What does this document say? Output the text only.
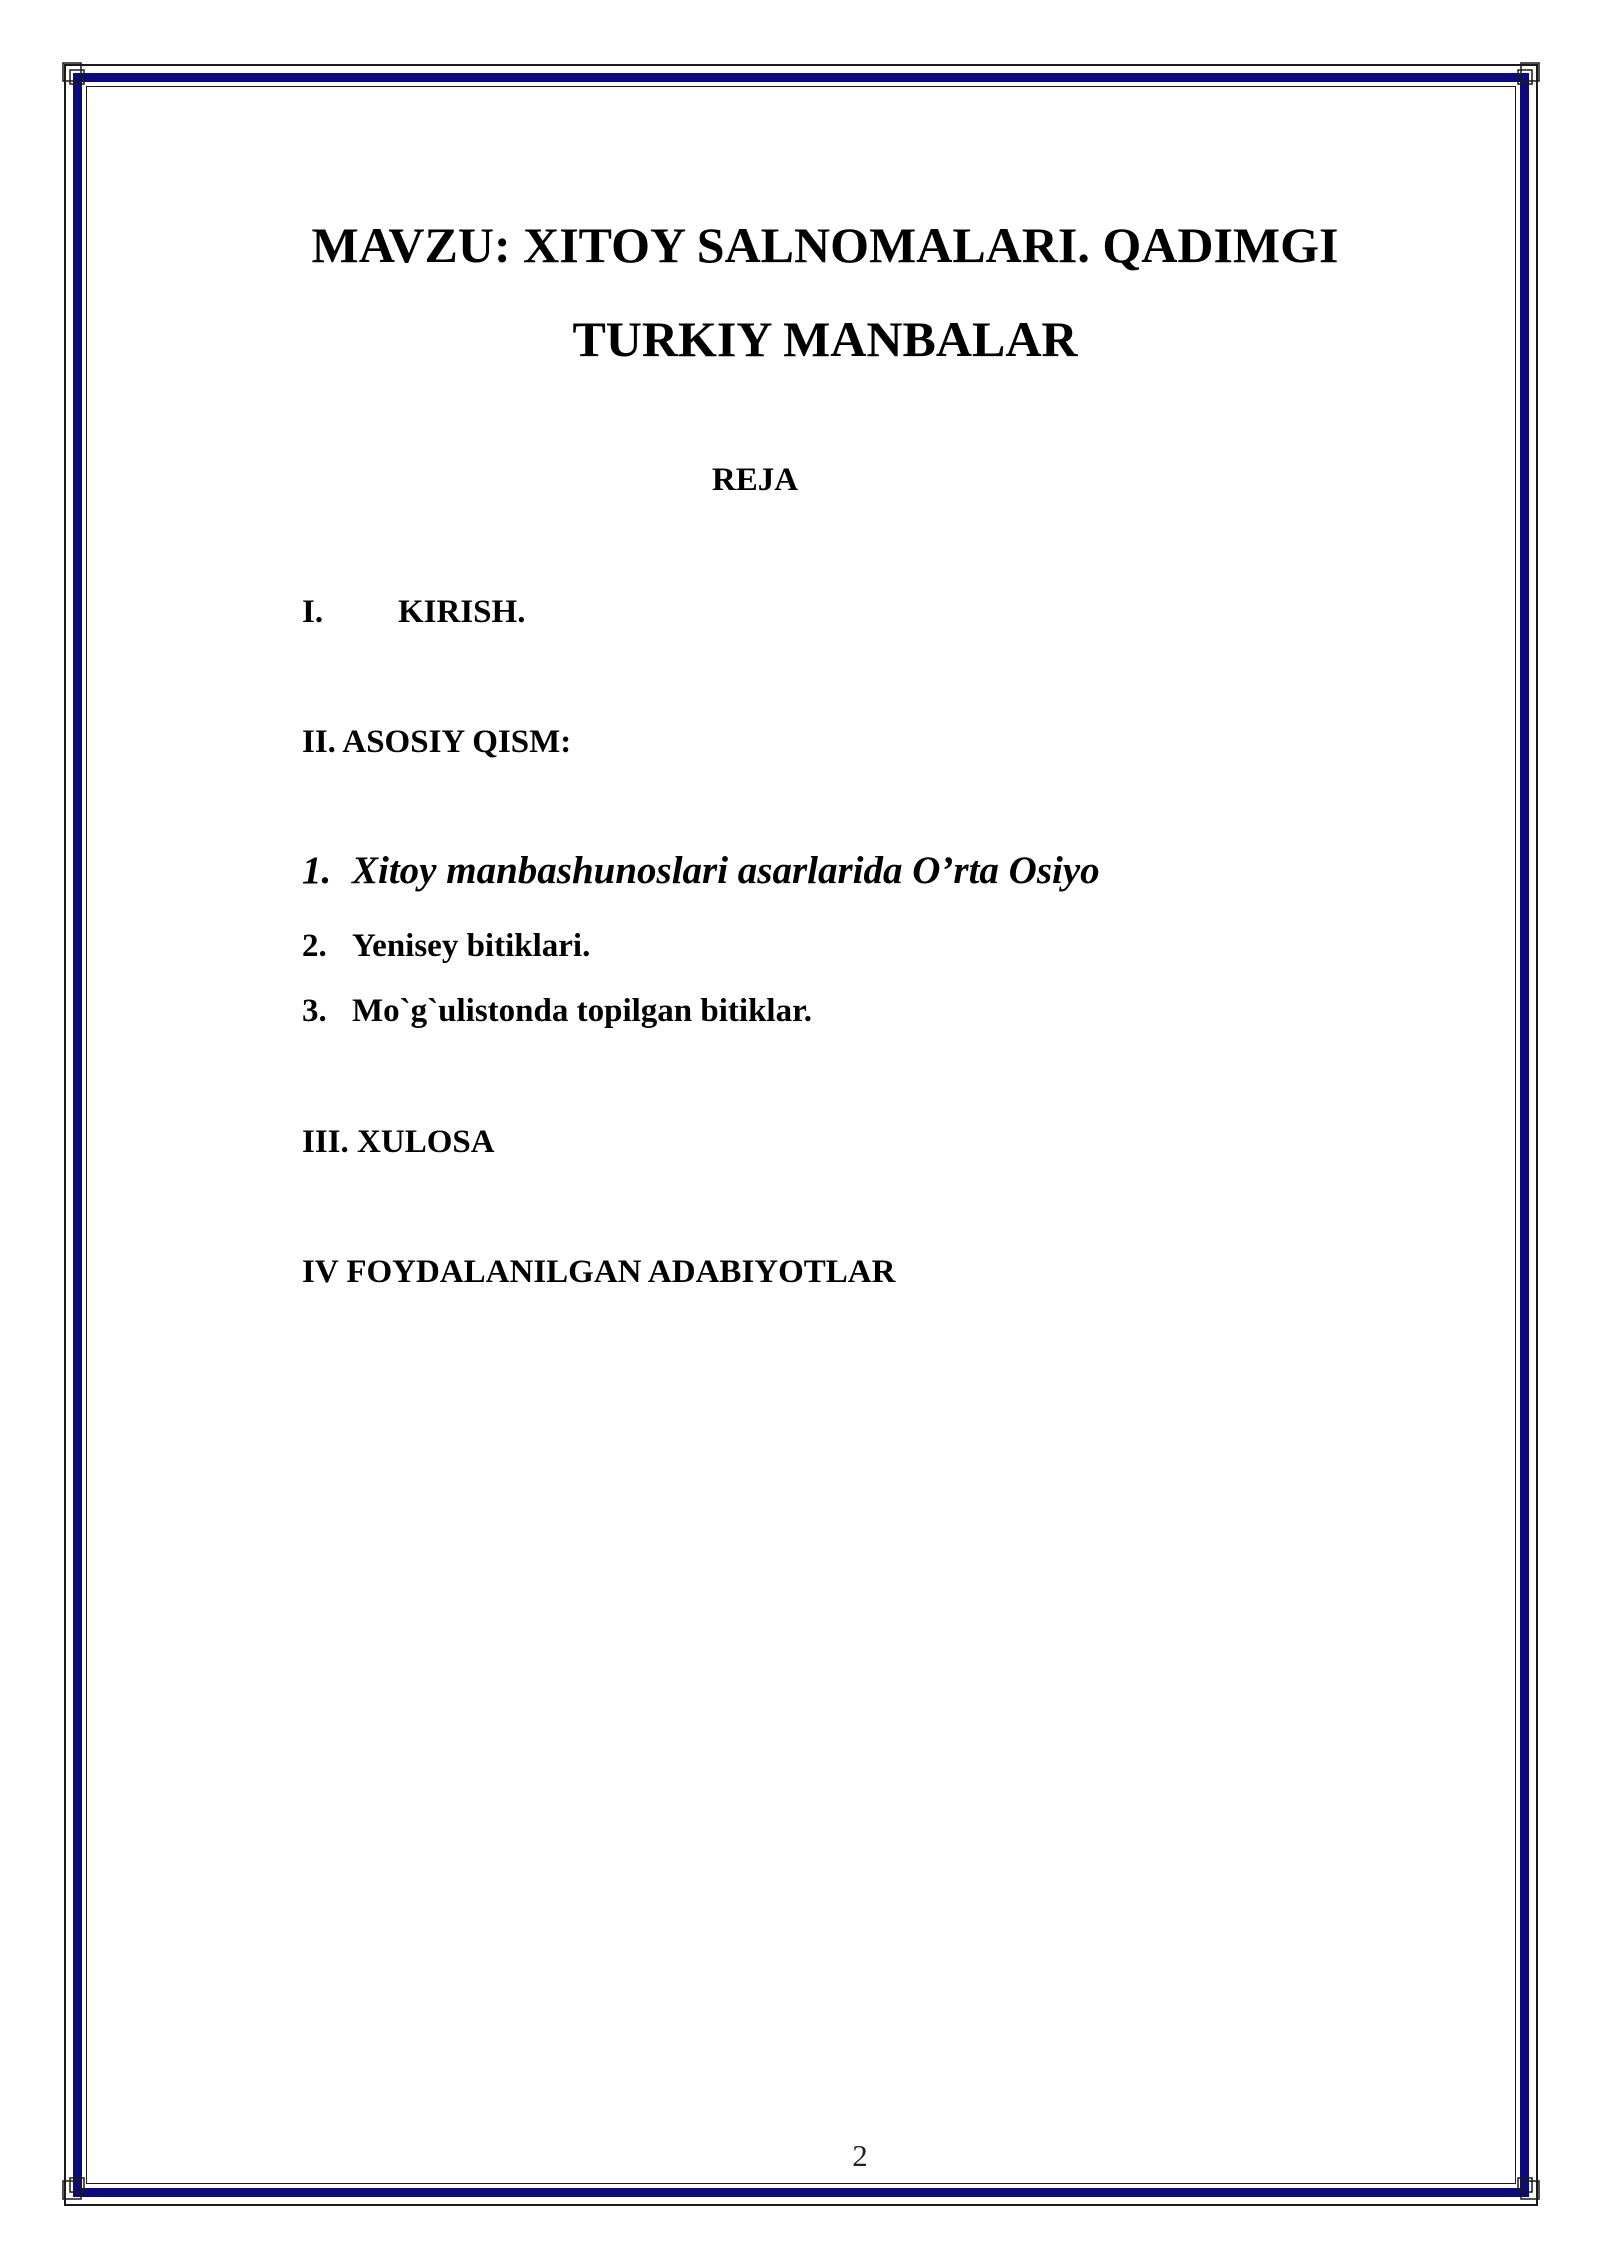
MAVZU: XITOY SALNOMALARI. QADIMGI
TURKIY MANBALAR
REJA
I. KIRISH.

II. ASOSIY QISM:

1. Xitoy manbashunoslari asarlarida O’rta Osiyo

2. Yenisey bitiklari.

3. Mo`g`ulistonda topilgan bitiklar.

III. XULOSA

IV FOYDALANILGAN ADABIYOTLAR

2
